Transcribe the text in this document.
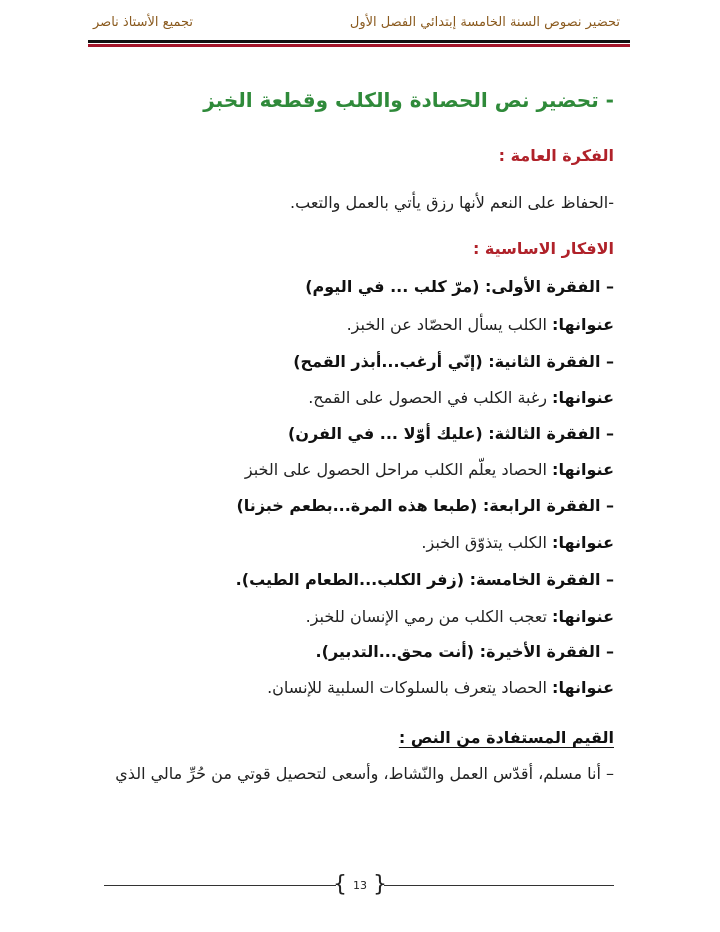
تحضير نصوص السنة الخامسة إبتدائي الفصل الأول
تجميع الأستاذ ناصر
- تحضير نص الحصادة والكلب وقطعة الخبز
الفكرة العامة :
-الحفاظ على النعم لأنها رزق يأتي بالعمل والتعب.
الافكار الاساسية :
– الفقرة الأولى: (مرّ كلب ... في اليوم)
عنوانها: الكلب يسأل الحصّاد عن الخبز.
– الفقرة الثانية: (إنّي أرغب...أبذر القمح)
عنوانها: رغبة الكلب في الحصول على القمح.
– الفقرة الثالثة: (عليك أوّلا ... في الفرن)
عنوانها: الحصاد يعلّم الكلب مراحل الحصول على الخبز
– الفقرة الرابعة: (طبعا هذه المرة...بطعم خبزنا)
عنوانها: الكلب يتذوّق الخبز.
– الفقرة الخامسة: (زفر الكلب...الطعام الطيب).
عنوانها: تعجب الكلب من رمي الإنسان للخبز.
– الفقرة الأخيرة: (أنت محق...التدبير).
عنوانها: الحصاد يتعرف بالسلوكات السلبية للإنسان.
القيم المستفادة من النص :
– أنا مسلم، أقدّس العمل والنّشاط، وأسعى لتحصيل قوتي من حُرِّ مالي الذي
{ 13 }
